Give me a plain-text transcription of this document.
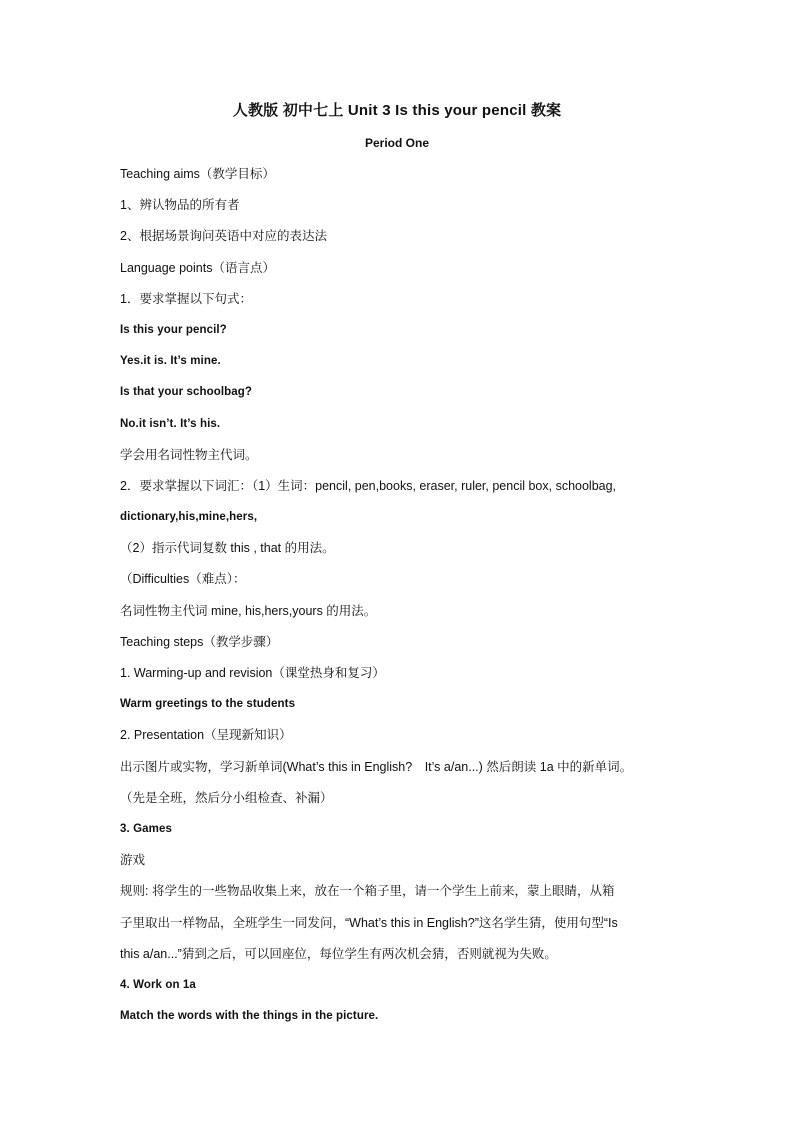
人教版 初中七上 Unit 3 Is this your pencil 教案
Period One
Teaching aims（教学目标）
1、辨认物品的所有者
2、根据场景询问英语中对应的表达法
Language points（语言点）
1．要求掌握以下句式：
Is this your pencil?
Yes.it is. It’s mine.
Is that your schoolbag?
No.it isn’t. It’s his.
学会用名词性物主代词。
2．要求掌握以下词汇：（1）生词：pencil, pen,books, eraser, ruler, pencil box, schoolbag,
dictionary,his,mine,hers,
（2）指示代词复数 this , that 的用法。
（Difficulties（难点）：
名词性物主代词 mine, his,hers,yours 的用法。
Teaching steps（教学步骤）
1. Warming-up and revision（课堂热身和复习）
Warm greetings to the students
2. Presentation（呈现新知识）
出示图片或实物，学习新单词(What’s this in English?　It’s a/an...) 然后朗读 1a 中的新单词。
（先是全班，然后分小组检查、补漏）
3. Games
游戏
规则: 将学生的一些物品收集上来，放在一个箱子里，请一个学生上前来，蒙上眼睛，从箱
子里取出一样物品，全班学生一同发问，“What’s this in English?”这名学生猜，使用句型“Is
this a/an...”猜到之后，可以回座位，每位学生有两次机会猜，否则就视为失败。
4. Work on 1a
Match the words with the things in the picture.
